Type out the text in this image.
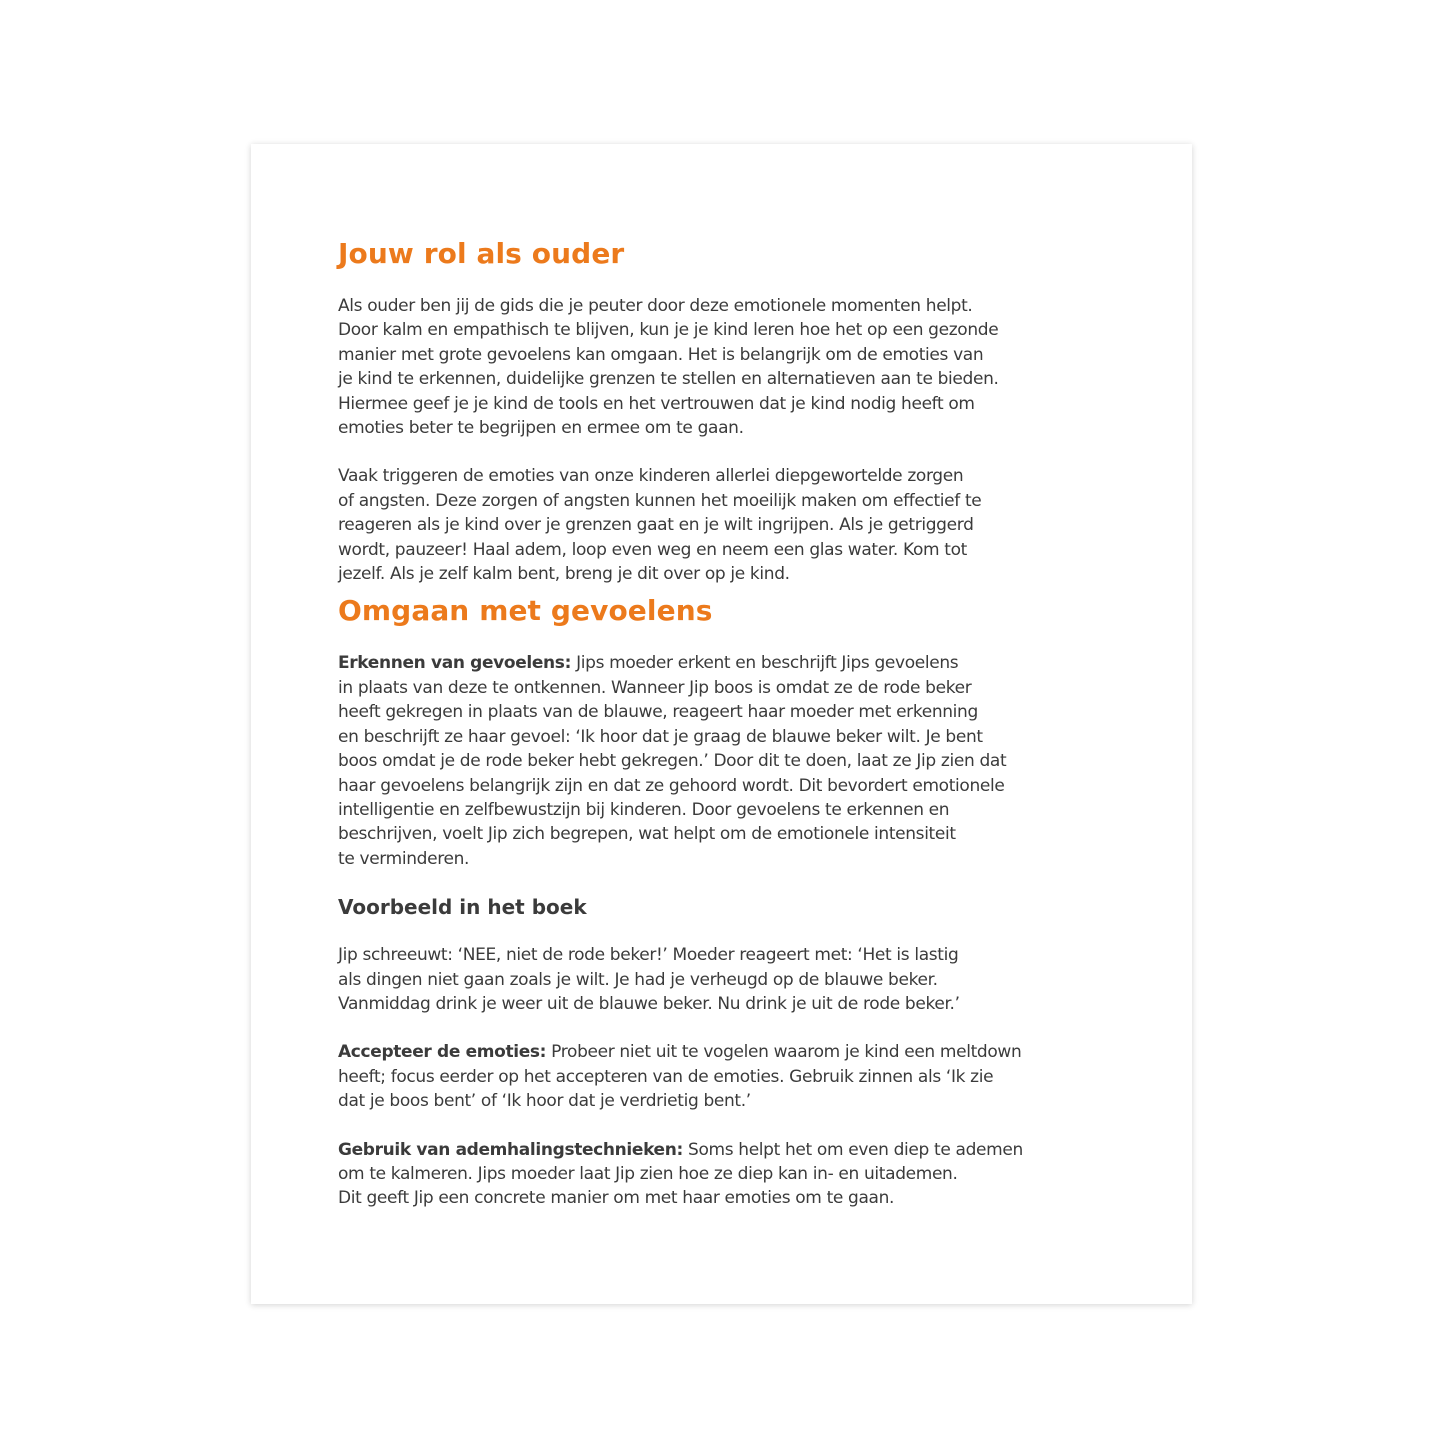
Jouw rol als ouder

Als ouder ben jij de gids die je peuter door deze emotionele momenten helpt.
Door kalm en empathisch te blijven, kun je je kind leren hoe het op een gezonde
manier met grote gevoelens kan omgaan. Het is belangrijk om de emoties van
je kind te erkennen, duidelijke grenzen te stellen en alternatieven aan te bieden.
Hiermee geef je je kind de tools en het vertrouwen dat je kind nodig heeft om
emoties beter te begrijpen en ermee om te gaan.

Vaak triggeren de emoties van onze kinderen allerlei diepgewortelde zorgen
of angsten. Deze zorgen of angsten kunnen het moeilijk maken om effectief te
reageren als je kind over je grenzen gaat en je wilt ingrijpen. Als je getriggerd
wordt, pauzeer! Haal adem, loop even weg en neem een glas water. Kom tot
jezelf. Als je zelf kalm bent, breng je dit over op je kind.

Omgaan met gevoelens

Erkennen van gevoelens: Jips moeder erkent en beschrijft Jips gevoelens
in plaats van deze te ontkennen. Wanneer Jip boos is omdat ze de rode beker
heeft gekregen in plaats van de blauwe, reageert haar moeder met erkenning
en beschrijft ze haar gevoel: ‘Ik hoor dat je graag de blauwe beker wilt. Je bent
boos omdat je de rode beker hebt gekregen.’ Door dit te doen, laat ze Jip zien dat
haar gevoelens belangrijk zijn en dat ze gehoord wordt. Dit bevordert emotionele
intelligentie en zelfbewustzijn bij kinderen. Door gevoelens te erkennen en
beschrijven, voelt Jip zich begrepen, wat helpt om de emotionele intensiteit
te verminderen.

Voorbeeld in het boek

Jip schreeuwt: ‘NEE, niet de rode beker!’ Moeder reageert met: ‘Het is lastig
als dingen niet gaan zoals je wilt. Je had je verheugd op de blauwe beker.
Vanmiddag drink je weer uit de blauwe beker. Nu drink je uit de rode beker.’

Accepteer de emoties: Probeer niet uit te vogelen waarom je kind een meltdown
heeft; focus eerder op het accepteren van de emoties. Gebruik zinnen als ‘Ik zie
dat je boos bent’ of ‘Ik hoor dat je verdrietig bent.’

Gebruik van ademhalingstechnieken: Soms helpt het om even diep te ademen
om te kalmeren. Jips moeder laat Jip zien hoe ze diep kan in- en uitademen.
Dit geeft Jip een concrete manier om met haar emoties om te gaan.
